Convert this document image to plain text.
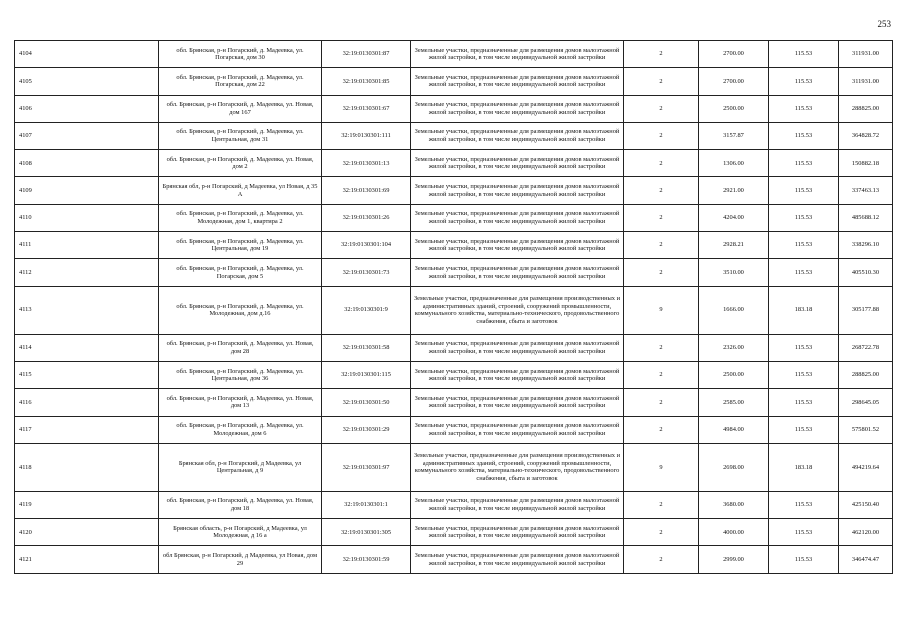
253
4104	обл. Брянская, р-н Погарский, д. Мадеевка, ул. Погарская, дом 30	32:19:0130301:87	Земельные участки, предназначенные для размещения домов малоэтажной жилой застройки, в том числе индивидуальной жилой застройки	2	2700.00	115.53	311931.00
4105	обл. Брянская, р-н Погарский, д. Мадеевка, ул. Погарская, дом 22	32:19:0130301:85	Земельные участки, предназначенные для размещения домов малоэтажной жилой застройки, в том числе индивидуальной жилой застройки	2	2700.00	115.53	311931.00
4106	обл. Брянская, р-н Погарский, д. Мадеевка, ул. Новая, дом 167	32:19:0130301:67	Земельные участки, предназначенные для размещения домов малоэтажной жилой застройки, в том числе индивидуальной жилой застройки	2	2500.00	115.53	288825.00
4107	обл. Брянская, р-н Погарский, д. Мадеевка, ул. Центральная, дом 31	32:19:0130301:111	Земельные участки, предназначенные для размещения домов малоэтажной жилой застройки, в том числе индивидуальной жилой застройки	2	3157.87	115.53	364828.72
4108	обл. Брянская, р-н Погарский, д. Мадеевка, ул. Новая, дом 2	32:19:0130301:13	Земельные участки, предназначенные для размещения домов малоэтажной жилой застройки, в том числе индивидуальной жилой застройки	2	1306.00	115.53	150882.18
4109	Брянская обл, р-н Погарский, д Мадеевка, ул Новая, д 35 А	32:19:0130301:69	Земельные участки, предназначенные для размещения домов малоэтажной жилой застройки, в том числе индивидуальной жилой застройки	2	2921.00	115.53	337463.13
4110	обл. Брянская, р-н Погарский, д. Мадеевка, ул. Молодежная, дом 1, квартира 2	32:19:0130301:26	Земельные участки, предназначенные для размещения домов малоэтажной жилой застройки, в том числе индивидуальной жилой застройки	2	4204.00	115.53	485688.12
4111	обл. Брянская, р-н Погарский, д. Мадеевка, ул. Центральная, дом 19	32:19:0130301:104	Земельные участки, предназначенные для размещения домов малоэтажной жилой застройки, в том числе индивидуальной жилой застройки	2	2928.21	115.53	338296.10
4112	обл. Брянская, р-н Погарский, д. Мадеевка, ул. Погарская, дом 5	32:19:0130301:73	Земельные участки, предназначенные для размещения домов малоэтажной жилой застройки, в том числе индивидуальной жилой застройки	2	3510.00	115.53	405510.30
4113	обл. Брянская, р-н Погарский, д. Мадеевка, ул. Молодежная, дом д.16	32:19:0130301:9	Земельные участки, предназначенные для размещения производственных и административных зданий, строений, сооружений промышленности, коммунального хозяйства, материально-технического, продовольственного снабжения, сбыта и заготовок	9	1666.00	183.18	305177.88
4114	обл. Брянская, р-н Погарский, д. Мадеевка, ул. Новая, дом 28	32:19:0130301:58	Земельные участки, предназначенные для размещения домов малоэтажной жилой застройки, в том числе индивидуальной жилой застройки	2	2326.00	115.53	268722.78
4115	обл. Брянская, р-н Погарский, д. Мадеевка, ул. Центральная, дом 36	32:19:0130301:115	Земельные участки, предназначенные для размещения домов малоэтажной жилой застройки, в том числе индивидуальной жилой застройки	2	2500.00	115.53	288825.00
4116	обл. Брянская, р-н Погарский, д. Мадеевка, ул. Новая, дом 13	32:19:0130301:50	Земельные участки, предназначенные для размещения домов малоэтажной жилой застройки, в том числе индивидуальной жилой застройки	2	2585.00	115.53	298645.05
4117	обл. Брянская, р-н Погарский, д. Мадеевка, ул. Молодежная, дом 6	32:19:0130301:29	Земельные участки, предназначенные для размещения домов малоэтажной жилой застройки, в том числе индивидуальной жилой застройки	2	4984.00	115.53	575801.52
4118	Брянская обл, р-н Погарский, д Мадеевка, ул Центральная, д 9	32:19:0130301:97	Земельные участки, предназначенные для размещения производственных и административных зданий, строений, сооружений промышленности, коммунального хозяйства, материально-технического, продовольственного снабжения, сбыта и заготовок	9	2698.00	183.18	494219.64
4119	обл. Брянская, р-н Погарский, д. Мадеевка, ул. Новая, дом 18	32:19:0130301:1	Земельные участки, предназначенные для размещения домов малоэтажной жилой застройки, в том числе индивидуальной жилой застройки	2	3680.00	115.53	425150.40
4120	Брянская область, р-н Погарский, д Мадеевка, ул Молодежная, д 16 а	32:19:0130301:305	Земельные участки, предназначенные для размещения домов малоэтажной жилой застройки, в том числе индивидуальной жилой застройки	2	4000.00	115.53	462120.00
4121	обл Брянская, р-н Погарский, д Мадеевка, ул Новая, дом 29	32:19:0130301:59	Земельные участки, предназначенные для размещения домов малоэтажной жилой застройки, в том числе индивидуальной жилой застройки	2	2999.00	115.53	346474.47
